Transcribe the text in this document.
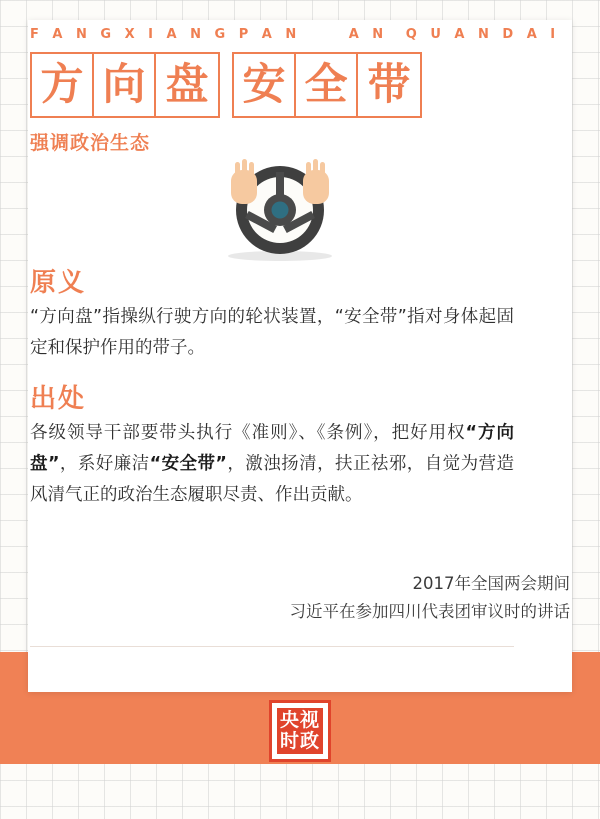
F A N G X I A N G P A N	A N  Q U A N D A I
方 向 盘 安 全 带
强调政治生态
原义
“方向盘”指操纵行驶方向的轮状装置，“安全带”指对身体起固定和保护作用的带子。
出处
各级领导干部要带头执行《准则》、《条例》，把好用权“方向盘”，系好廉洁“安全带”，激浊扬清，扶正祛邪，自觉为营造风清气正的政治生态履职尽责、作出贡献。
2017年全国两会期间
习近平在参加四川代表团审议时的讲话
央视
时政
